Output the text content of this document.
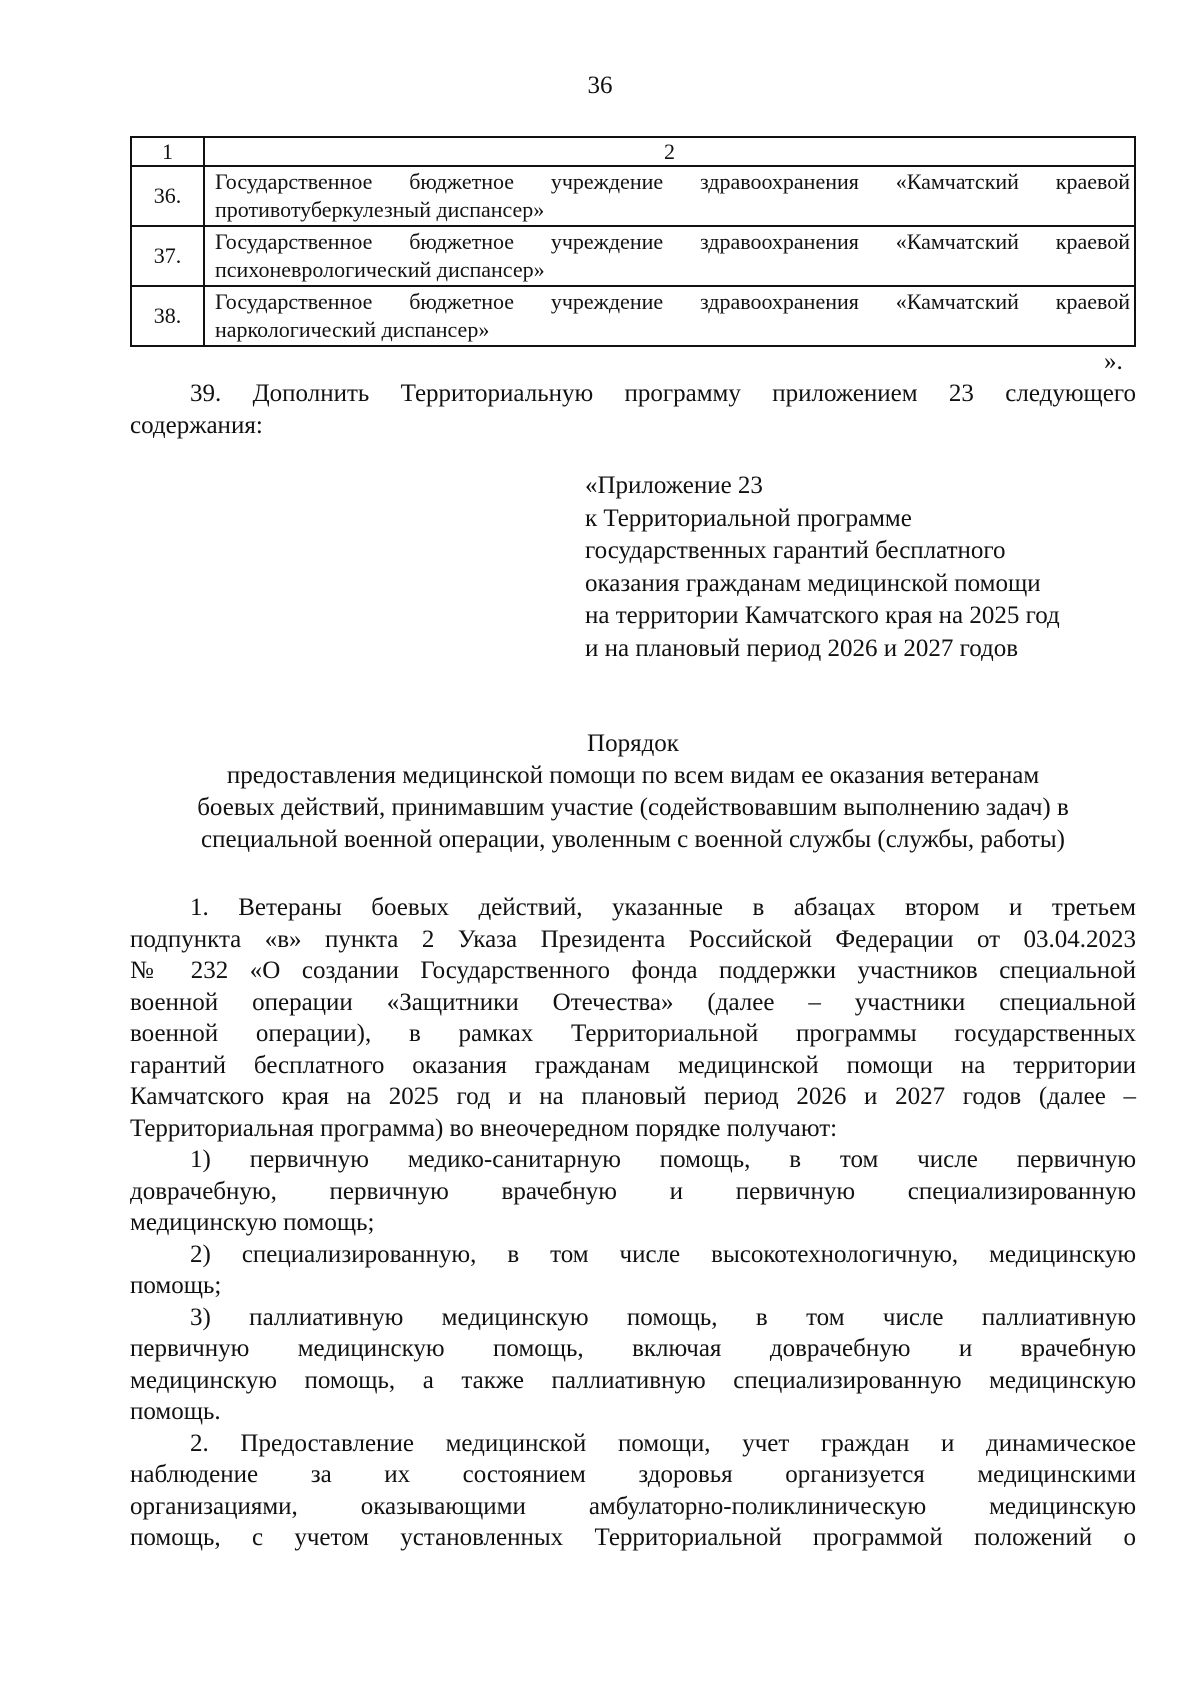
36
1	2
36.	Государственное бюджетное учреждение здравоохранения «Камчатский краевой
противотуберкулезный диспансер»
37.	Государственное бюджетное учреждение здравоохранения «Камчатский краевой
психоневрологический диспансер»
38.	Государственное бюджетное учреждение здравоохранения «Камчатский краевой
наркологический диспансер»
».
39. Дополнить Территориальную программу приложением 23 следующего
содержания:
«Приложение 23
к Территориальной программе
государственных гарантий бесплатного
оказания гражданам медицинской помощи
на территории Камчатского края на 2025 год
и на плановый период 2026 и 2027 годов
Порядок
предоставления медицинской помощи по всем видам ее оказания ветеранам
боевых действий, принимавшим участие (содействовавшим выполнению задач) в
специальной военной операции, уволенным с военной службы (службы, работы)
1. Ветераны боевых действий, указанные в абзацах втором и третьем
подпункта «в» пункта 2 Указа Президента Российской Федерации от 03.04.2023
№ 232 «О создании Государственного фонда поддержки участников специальной
военной операции «Защитники Отечества» (далее – участники специальной
военной операции), в рамках Территориальной программы государственных
гарантий бесплатного оказания гражданам медицинской помощи на территории
Камчатского края на 2025 год и на плановый период 2026 и 2027 годов (далее –
Территориальная программа) во внеочередном порядке получают:
1) первичную медико-санитарную помощь, в том числе первичную
доврачебную, первичную врачебную и первичную специализированную
медицинскую помощь;
2) специализированную, в том числе высокотехнологичную, медицинскую
помощь;
3) паллиативную медицинскую помощь, в том числе паллиативную
первичную медицинскую помощь, включая доврачебную и врачебную
медицинскую помощь, а также паллиативную специализированную медицинскую
помощь.
2. Предоставление медицинской помощи, учет граждан и динамическое
наблюдение за их состоянием здоровья организуется медицинскими
организациями, оказывающими амбулаторно-поликлиническую медицинскую
помощь, с учетом установленных Территориальной программой положений о
